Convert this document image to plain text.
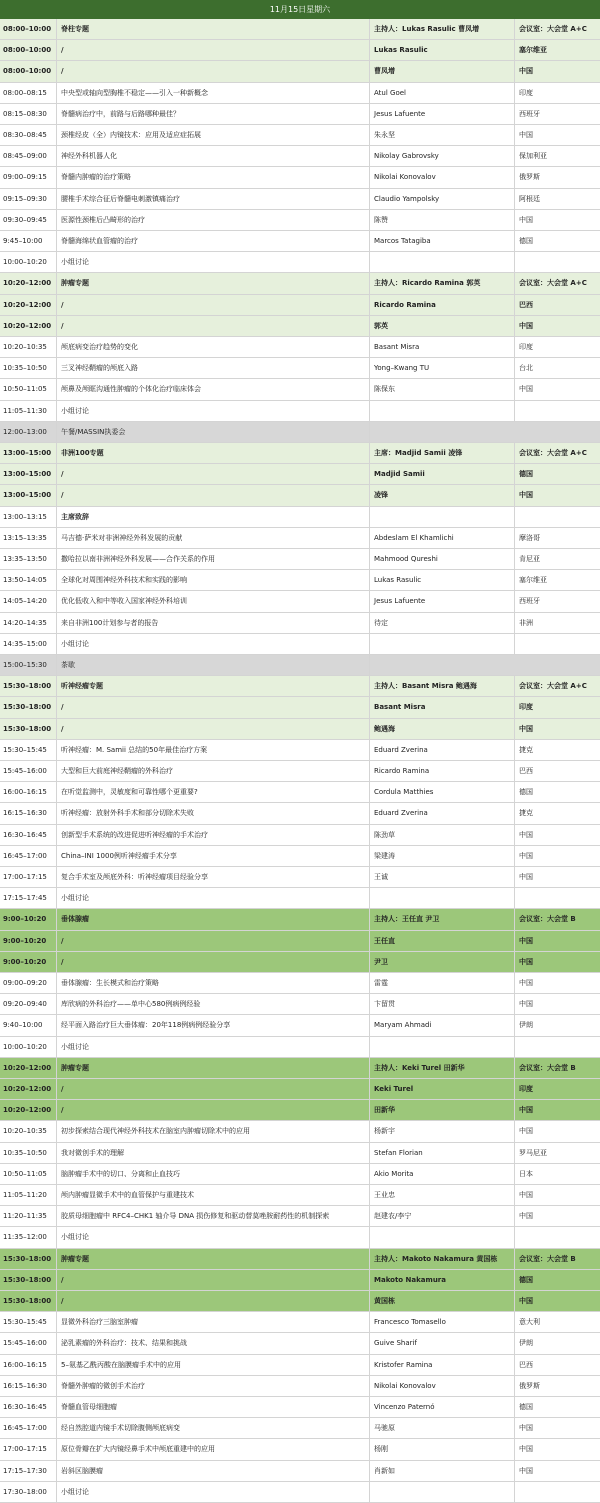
11月15日星期六
08:00–10:00	脊柱专题	主持人：Lukas Rasulic 曹凤增	会议室：大会堂 A+C
08:00–10:00	/	Lukas Rasulic	塞尔维亚
08:00–10:00	/	曹凤增	中国
08:00–08:15	中央型或轴向型胸椎不稳定——引入一种新概念	Atul Goel	印度
08:15–08:30	脊髓病治疗中，前路与后路哪种最佳？	Jesus Lafuente	西班牙
08:30–08:45	颈椎经皮（全）内镜技术：应用及适应症拓展	朱永坚	中国
08:45–09:00	神经外科机器人化	Nikolay Gabrovsky	保加利亚
09:00–09:15	脊髓内肿瘤的治疗策略	Nikolai Konovalov	俄罗斯
09:15–09:30	腰椎手术综合征后脊髓电刺激镇痛治疗	Claudio Yampolsky	阿根廷
09:30–09:45	医源性颈椎后凸畸形的治疗	陈赞	中国
9:45–10:00	脊髓海绵状血管瘤的治疗	Marcos Tatagiba	德国
10:00–10:20	小组讨论
10:20–12:00	肿瘤专题	主持人：Ricardo Ramina 郭英	会议室：大会堂 A+C
10:20–12:00	/	Ricardo Ramina	巴西
10:20–12:00	/	郭英	中国
10:20–10:35	颅底病变治疗趋势的变化	Basant Misra	印度
10:35–10:50	三叉神经鞘瘤的颅底入路	Yong–Kwang TU	台北
10:50–11:05	颅鼻及颅眶沟通性肿瘤的个体化治疗临床体会	陈保东	中国
11:05–11:30	小组讨论
12:00–13:00	午餐/MASSIN执委会
13:00–15:00	非洲100专题	主席：Madjid Samii 凌锋	会议室：大会堂 A+C
13:00–15:00	/	Madjid Samii	德国
13:00–15:00	/	凌锋	中国
13:00–13:15	主席致辞
13:15–13:35	马吉德·萨米对非洲神经外科发展的贡献	Abdeslam El Khamlichi	摩洛哥
13:35–13:50	撒哈拉以南非洲神经外科发展——合作关系的作用	Mahmood Qureshi	肯尼亚
13:50–14:05	全球化对周围神经外科技术和实践的影响	Lukas Rasulic	塞尔维亚
14:05–14:20	优化低收入和中等收入国家神经外科培训	Jesus Lafuente	西班牙
14:20–14:35	来自非洲100计划参与者的报告	待定	非洲
14:35–15:00	小组讨论
15:00–15:30	茶歇
15:30–18:00	听神经瘤专题	主持人：Basant Misra 鲍遇海	会议室：大会堂 A+C
15:30–18:00	/	Basant Misra	印度
15:30–18:00	/	鲍遇海	中国
15:30–15:45	听神经瘤：M. Samii 总结的50年最佳治疗方案	Eduard Zverina	捷克
15:45–16:00	大型和巨大前庭神经鞘瘤的外科治疗	Ricardo Ramina	巴西
16:00–16:15	在听觉监测中，灵敏度和可靠性哪个更重要?	Cordula Matthies	德国
16:15–16:30	听神经瘤：放射外科手术和部分切除术失败	Eduard Zverina	捷克
16:30–16:45	创新型手术系统的改进促进听神经瘤的手术治疗	陈劲草	中国
16:45–17:00	China–INI 1000例听神经瘤手术分享	梁建涛	中国
17:00–17:15	复合手术室及颅底外科：听神经瘤项目经验分享	王诚	中国
17:15–17:45	小组讨论
9:00–10:20	垂体腺瘤	主持人：王任直 尹卫	会议室：大会堂 B
9:00–10:20	/	王任直	中国
9:00–10:20	/	尹卫	中国
09:00–09:20	垂体腺瘤：生长模式和治疗策略	雷霆	中国
09:20–09:40	库欣病的外科治疗——单中心580例病例经验	卞留贯	中国
9:40–10:00	经平面入路治疗巨大垂体瘤：20年118例病例经验分享	Maryam Ahmadi	伊朗
10:00–10:20	小组讨论
10:20–12:00	肿瘤专题	主持人：Keki Turel 田新华	会议室：大会堂 B
10:20–12:00	/	Keki Turel	印度
10:20–12:00	/	田新华	中国
10:20–10:35	初步探索结合现代神经外科技术在脑室内肿瘤切除术中的应用	杨新宇	中国
10:35–10:50	我对微创手术的理解	Stefan Florian	罗马尼亚
10:50–11:05	脑肿瘤手术中的切口、分离和止血技巧	Akio Morita	日本
11:05–11:20	颅内肿瘤显微手术中的血管保护与重建技术	王业忠	中国
11:20–11:35	胶质母细胞瘤中 RFC4–CHK1 轴介导 DNA 损伤修复和驱动替莫唑胺耐药性的机制探索	赵建农/李宁	中国
11:35–12:00	小组讨论
15:30–18:00	肿瘤专题	主持人：Makoto Nakamura 黄国栋	会议室：大会堂 B
15:30–18:00	/	Makoto Nakamura	德国
15:30–18:00	/	黄国栋	中国
15:30–15:45	显微外科治疗三脑室肿瘤	Francesco Tomasello	意大利
15:45–16:00	泌乳素瘤的外科治疗：技术、结果和挑战	Guive Sharif	伊朗
16:00–16:15	5–氨基乙酰丙酸在脑膜瘤手术中的应用	Kristofer Ramina	巴西
16:15–16:30	脊髓外肿瘤的微创手术治疗	Nikolai Konovalov	俄罗斯
16:30–16:45	脊髓血管母细胞瘤	Vincenzo Paternó	德国
16:45–17:00	经自然腔道内镜手术切除腹侧颅底病变	马驰原	中国
17:00–17:15	原位骨瓣在扩大内镜经鼻手术中颅底重建中的应用	杨刚	中国
17:15–17:30	岩斜区脑膜瘤	肖新如	中国
17:30–18:00	小组讨论
